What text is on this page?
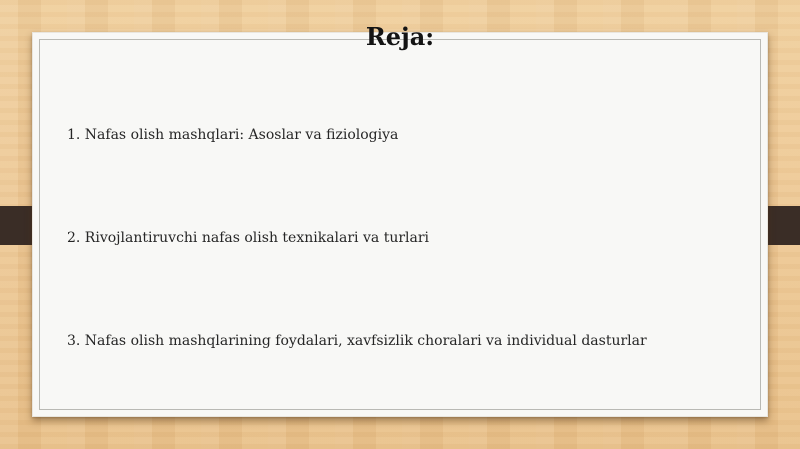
Reja:
1. Nafas olish mashqlari: Asoslar va fiziologiya
2. Rivojlantiruvchi nafas olish texnikalari va turlari
3. Nafas olish mashqlarining foydalari, xavfsizlik choralari va individual dasturlar
